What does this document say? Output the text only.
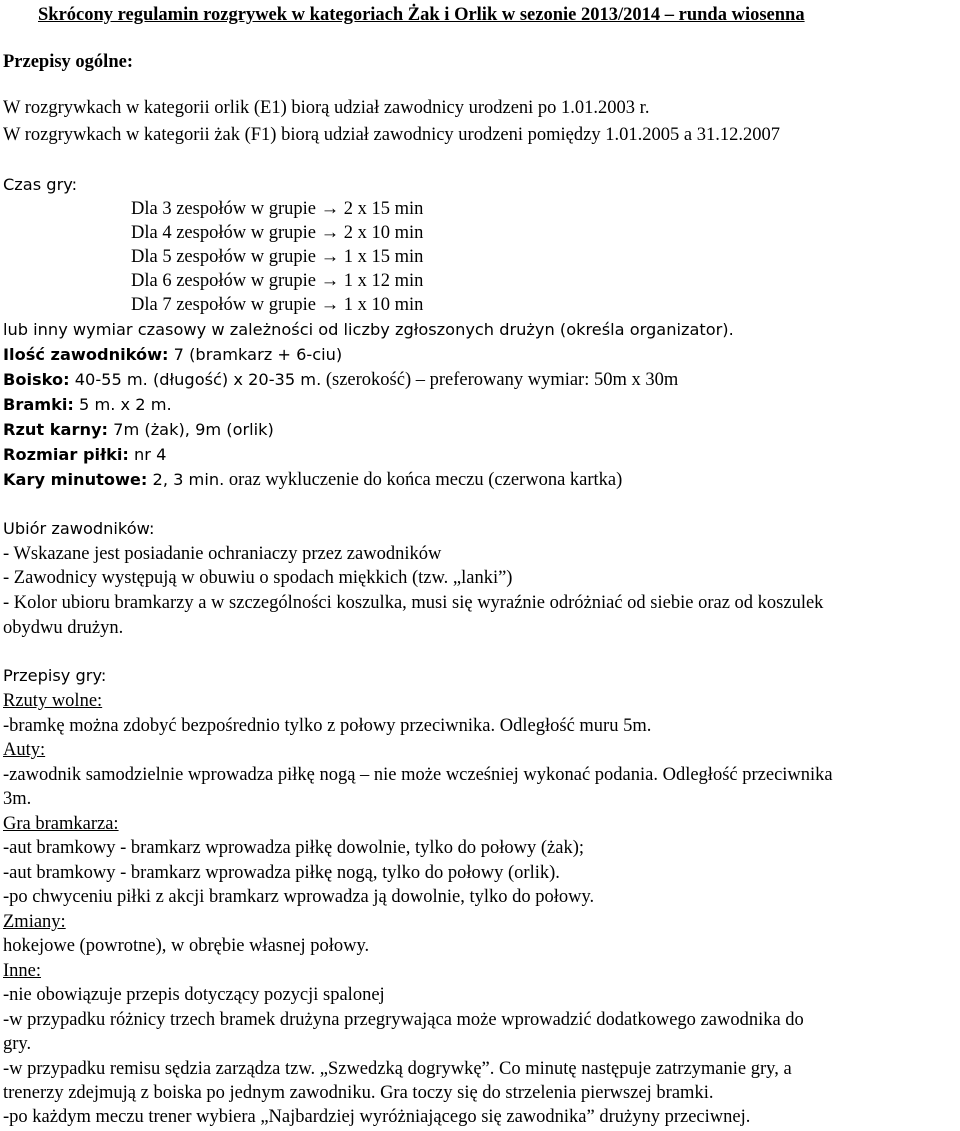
Skrócony regulamin rozgrywek w kategoriach Żak i Orlik w sezonie 2013/2014 – runda wiosenna
Przepisy ogólne:
W rozgrywkach w kategorii orlik (E1) biorą udział zawodnicy urodzeni po 1.01.2003 r.
W rozgrywkach w kategorii żak (F1) biorą udział zawodnicy urodzeni pomiędzy 1.01.2005 a 31.12.2007
Czas gry:
Dla 3 zespołów w grupie → 2 x 15 min
Dla 4 zespołów w grupie → 2 x 10 min
Dla 5 zespołów w grupie → 1 x 15 min
Dla 6 zespołów w grupie → 1 x 12 min
Dla 7 zespołów w grupie → 1 x 10 min
lub inny wymiar czasowy w zależności od liczby zgłoszonych drużyn (określa organizator).
Ilość zawodników: 7 (bramkarz + 6-ciu)
Boisko: 40-55 m. (długość) x 20-35 m. (szerokość) – preferowany wymiar: 50m x 30m
Bramki: 5 m. x 2 m.
Rzut karny: 7m (żak), 9m (orlik)
Rozmiar piłki: nr 4
Kary minutowe: 2, 3 min. oraz wykluczenie do końca meczu (czerwona kartka)
Ubiór zawodników:
- Wskazane jest posiadanie ochraniaczy przez zawodników
- Zawodnicy występują w obuwiu o spodach miękkich (tzw. „lanki”)
- Kolor ubioru bramkarzy a w szczególności koszulka, musi się wyraźnie odróżniać od siebie oraz od koszulek
obydwu drużyn.
Przepisy gry:
Rzuty wolne:
-bramkę można zdobyć bezpośrednio tylko z połowy przeciwnika. Odległość muru 5m.
Auty:
-zawodnik samodzielnie wprowadza piłkę nogą – nie może wcześniej wykonać podania. Odległość przeciwnika
3m.
Gra bramkarza:
-aut bramkowy - bramkarz wprowadza piłkę dowolnie, tylko do połowy (żak);
-aut bramkowy - bramkarz wprowadza piłkę nogą, tylko do połowy (orlik).
-po chwyceniu piłki z akcji bramkarz wprowadza ją dowolnie, tylko do połowy.
Zmiany:
hokejowe (powrotne), w obrębie własnej połowy.
Inne:
-nie obowiązuje przepis dotyczący pozycji spalonej
-w przypadku różnicy trzech bramek drużyna przegrywająca może wprowadzić dodatkowego zawodnika do
gry.
-w przypadku remisu sędzia zarządza tzw. „Szwedzką dogrywkę”. Co minutę następuje zatrzymanie gry, a
trenerzy zdejmują z boiska po jednym zawodniku. Gra toczy się do strzelenia pierwszej bramki.
-po każdym meczu trener wybiera „Najbardziej wyróżniającego się zawodnika” drużyny przeciwnej.
